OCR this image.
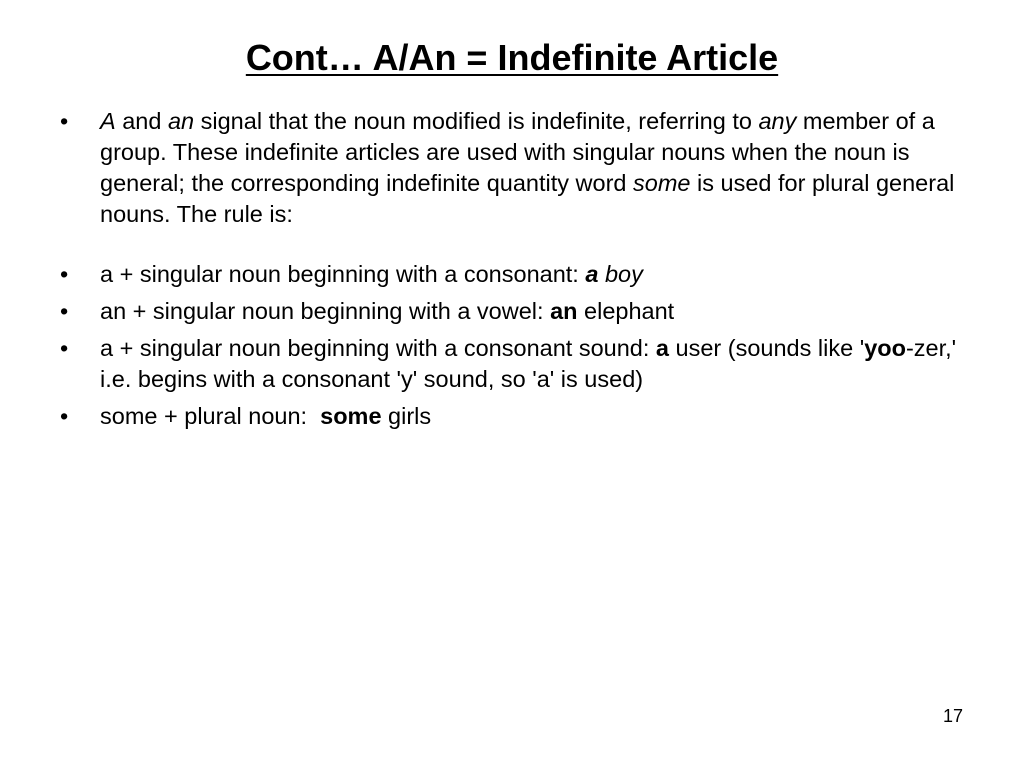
Cont… A/An = Indefinite Article
• A and an signal that the noun modified is indefinite, referring to any member of a group. These indefinite articles are used with singular nouns when the noun is general; the corresponding indefinite quantity word some is used for plural general nouns. The rule is:
• a + singular noun beginning with a consonant: a boy
• an + singular noun beginning with a vowel: an elephant
• a + singular noun beginning with a consonant sound: a user (sounds like 'yoo-zer,' i.e. begins with a consonant 'y' sound, so 'a' is used)
• some + plural noun:  some girls
17
